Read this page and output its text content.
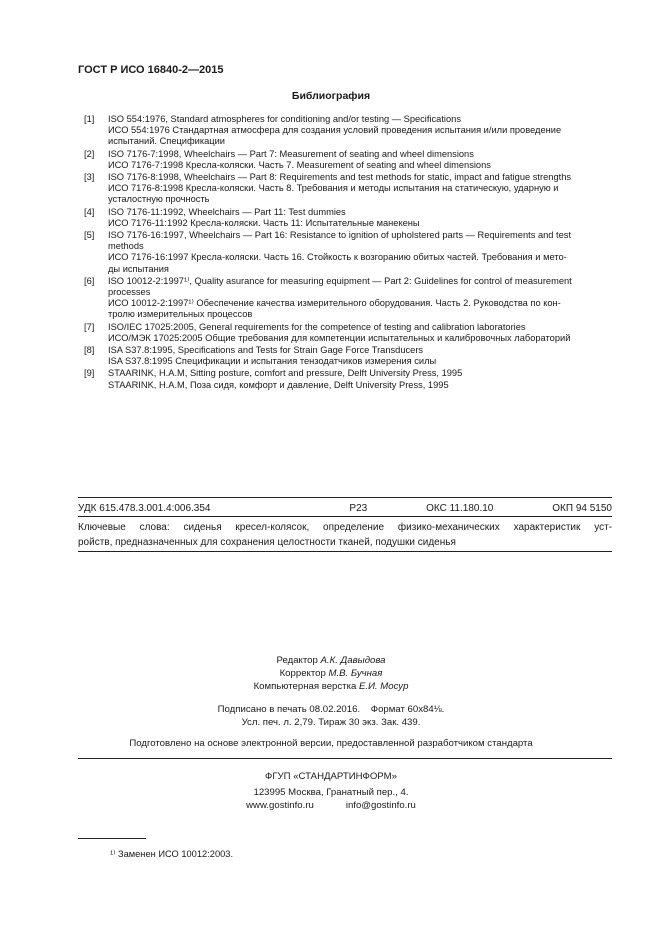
ГОСТ Р ИСО 16840-2—2015
Библиография
[1]	ISO 554:1976, Standard atmospheres for conditioning and/or testing — Specifications
ИСО 554:1976 Стандартная атмосфера для создания условий проведения испытания и/или проведение
испытаний. Спецификации
[2]	ISO 7176-7:1998, Wheelchairs — Part 7: Measurement of seating and wheel dimensions
ИСО 7176-7:1998 Кресла-коляски. Часть 7. Measurement of seating and wheel dimensions
[3]	ISO 7176-8:1998, Wheelchairs — Part 8: Requirements and test methods for static, impact and fatigue strengths
ИСО 7176-8:1998 Кресла-коляски. Часть 8. Требования и методы испытания на статическую, ударную и
усталостную прочность
[4]	ISO 7176-11:1992, Wheelchairs — Part 11: Test dummies
ИСО 7176-11:1992 Кресла-коляски. Часть 11: Испытательные манекены
[5]	ISO 7176-16:1997, Wheelchairs — Part 16: Resistance to ignition of upholstered parts — Requirements and test
methods
ИСО 7176-16:1997 Кресла-коляски. Часть 16. Стойкость к возгоранию обитых частей. Требования и мето-
ды испытания
[6]	ISO 10012-2:1997¹⁾, Quality asurance for measuring equipment — Part 2: Guidelines for control of measurement
processes
ИСО 10012-2:1997¹⁾ Обеспечение качества измерительного оборудования. Часть 2. Руководства по кон-
тролю измерительных процессов
[7]	ISO/IEC 17025:2005, General requirements for the competence of testing and calibration laboratories
ИСО/МЭК 17025:2005 Общие требования для компетенции испытательных и калибровочных лабораторий
[8]	ISA S37.8:1995, Specifications and Tests for Strain Gage Force Transducers
ISA S37.8:1995 Спецификации и испытания тензодатчиков измерения силы
[9]	STAARINK, H.A.M, Sitting posture, comfort and pressure, Delft University Press, 1995
STAARINK, H.A.M, Поза сидя, комфорт и давление, Delft University Press, 1995
УДК 615.478.3.001.4:006.354	Р23	ОКС 11.180.10	ОКП 94 5150
Ключевые слова: сиденья кресел-колясок, определение физико-механических характеристик уст-
ройств, предназначенных для сохранения целостности тканей, подушки сиденья
Редактор А.К. Давыдова
Корректор М.В. Бучная
Компьютерная верстка Е.И. Мосур
Подписано в печать 08.02.2016. Формат 60x84⅛.
Усл. печ. л. 2,79. Тираж 30 экз. Зак. 439.
Подготовлено на основе электронной версии, предоставленной разработчиком стандарта
ФГУП «СТАНДАРТИНФОРМ»
123995 Москва, Гранатный пер., 4.
www.gostinfo.ru	info@gostinfo.ru
¹⁾ Заменен ИСО 10012:2003.
